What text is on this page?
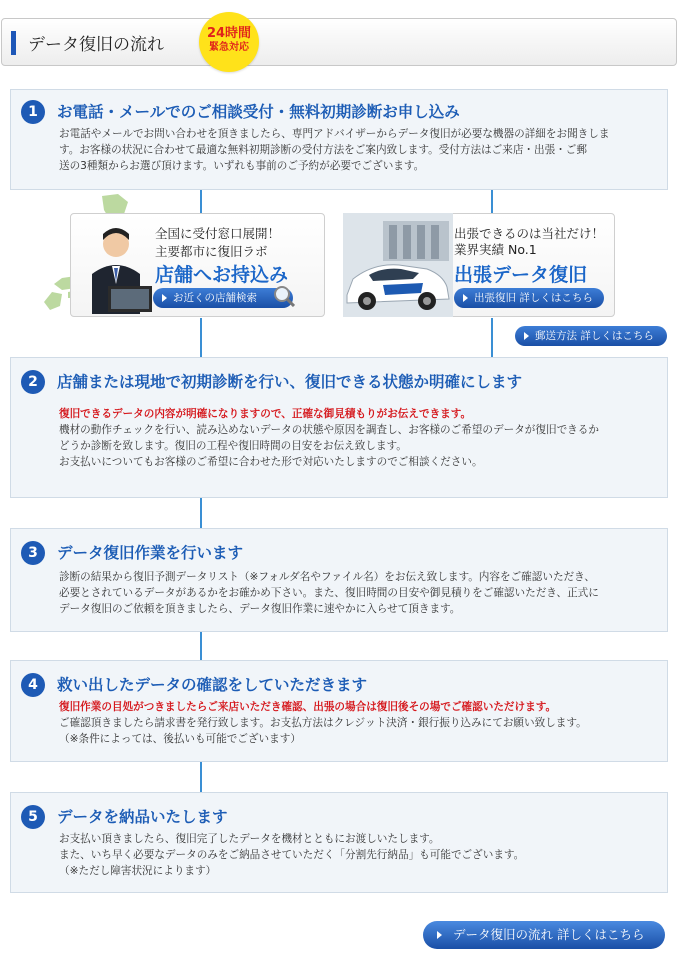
データ復旧の流れ
24時間
緊急対応
1	お電話・メールでのご相談受付・無料初期診断お申し込み

お電話やメールでお問い合わせを頂きましたら、専門アドバイザーからデータ復旧が必要な機器の詳細をお聞きしま

す。お客様の状況に合わせて最適な無料初期診断の受付方法をご案内致します。受付方法はご来店・出張・ご郵

送の3種類からお選び頂けます。いずれも事前のご予約が必要でございます。

全国に受付窓口展開！
主要都市に復旧ラボ
店舗へお持込み
お近くの店舗検索
出張できるのは当社だけ！
業界実績 No.1
出張データ復旧
出張復旧 詳しくはこちら
郵送方法 詳しくはこちら
2	店舗または現地で初期診断を行い、復旧できる状態か明確にします

復旧できるデータの内容が明確になりますので、正確な御見積もりがお伝えできます。

機材の動作チェックを行い、読み込めないデータの状態や原因を調査し、お客様のご希望のデータが復旧できるか

どうか診断を致します。復旧の工程や復旧時間の目安をお伝え致します。

お支払いについてもお客様のご希望に合わせた形で対応いたしますのでご相談ください。

3	データ復旧作業を行います

診断の結果から復旧予測データリスト（※フォルダ名やファイル名）をお伝え致します。内容をご確認いただき、

必要とされているデータがあるかをお確かめ下さい。また、復旧時間の目安や御見積りをご確認いただき、正式に

データ復旧のご依頼を頂きましたら、データ復旧作業に速やかに入らせて頂きます。

4	救い出したデータの確認をしていただきます

復旧作業の目処がつきましたらご来店いただき確認、出張の場合は復旧後その場でご確認いただけます。

ご確認頂きましたら請求書を発行致します。お支払方法はクレジット決済・銀行振り込みにてお願い致します。

（※条件によっては、後払いも可能でございます）

5	データを納品いたします

お支払い頂きましたら、復旧完了したデータを機材とともにお渡しいたします。

また、いち早く必要なデータのみをご納品させていただく「分割先行納品」も可能でございます。

（※ただし障害状況によります）

データ復旧の流れ 詳しくはこちら
